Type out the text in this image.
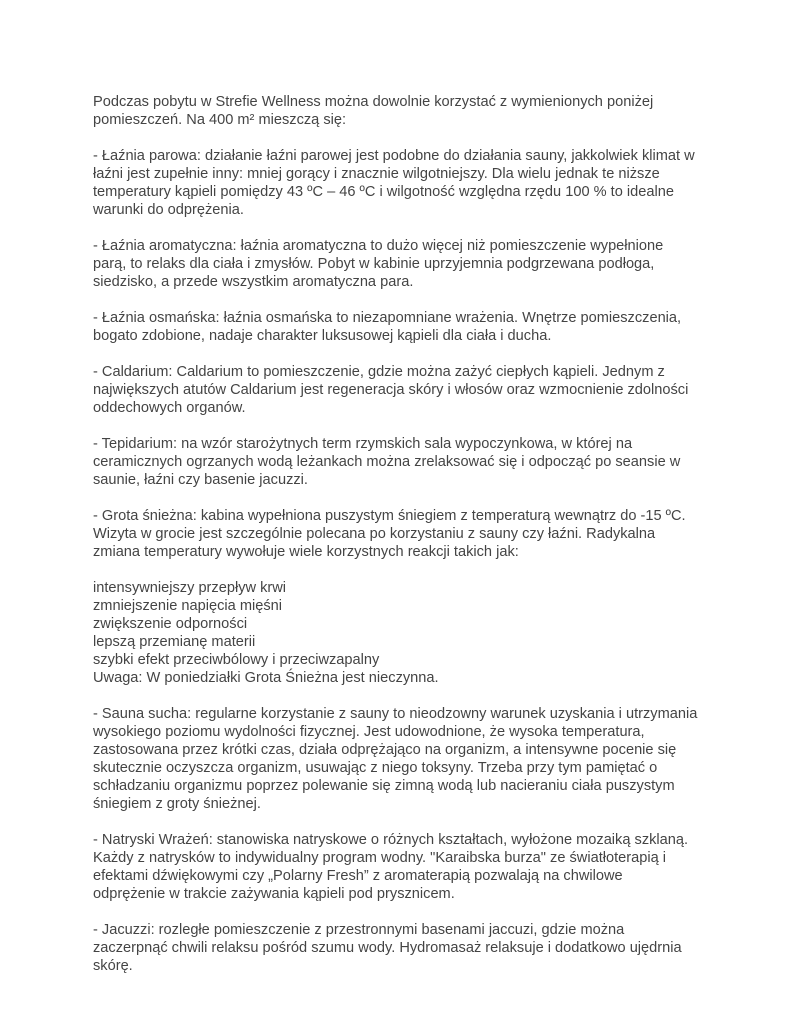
Podczas pobytu w Strefie Wellness można dowolnie korzystać z wymienionych poniżej pomieszczeń. Na 400 m² mieszczą się:

- Łaźnia parowa: działanie łaźni parowej jest podobne do działania sauny, jakkolwiek klimat w łaźni jest zupełnie inny: mniej gorący i znacznie wilgotniejszy. Dla wielu jednak te niższe temperatury kąpieli pomiędzy 43 ºC – 46 ºC i wilgotność względna rzędu 100 % to idealne warunki do odprężenia.

- Łaźnia aromatyczna: łaźnia aromatyczna to dużo więcej niż pomieszczenie wypełnione parą, to relaks dla ciała i zmysłów. Pobyt w kabinie uprzyjemnia podgrzewana podłoga, siedzisko, a przede wszystkim aromatyczna para.

- Łaźnia osmańska: łaźnia osmańska to niezapomniane wrażenia. Wnętrze pomieszczenia, bogato zdobione, nadaje charakter luksusowej kąpieli dla ciała i ducha.

- Caldarium: Caldarium to pomieszczenie, gdzie można zażyć ciepłych kąpieli. Jednym z największych atutów Caldarium jest regeneracja skóry i włosów oraz wzmocnienie zdolności oddechowych organów.

- Tepidarium: na wzór starożytnych term rzymskich sala wypoczynkowa, w której na ceramicznych ogrzanych wodą leżankach można zrelaksować się i odpocząć po seansie w saunie, łaźni czy basenie jacuzzi.

- Grota śnieżna: kabina wypełniona puszystym śniegiem z temperaturą wewnątrz do -15 ºC. Wizyta w grocie jest szczególnie polecana po korzystaniu z sauny czy łaźni. Radykalna zmiana temperatury wywołuje wiele korzystnych reakcji takich jak:

intensywniejszy przepływ krwi
zmniejszenie napięcia mięśni
zwiększenie odporności
lepszą przemianę materii
szybki efekt przeciwbólowy i przeciwzapalny
Uwaga: W poniedziałki Grota Śnieżna jest nieczynna.

- Sauna sucha: regularne korzystanie z sauny to nieodzowny warunek uzyskania i utrzymania wysokiego poziomu wydolności fizycznej. Jest udowodnione, że wysoka temperatura, zastosowana przez krótki czas, działa odprężająco na organizm, a intensywne pocenie się skutecznie oczyszcza organizm, usuwając z niego toksyny. Trzeba przy tym pamiętać o schładzaniu organizmu poprzez polewanie się zimną wodą lub nacieraniu ciała puszystym śniegiem z groty śnieżnej.

- Natryski Wrażeń: stanowiska natryskowe o różnych kształtach, wyłożone mozaiką szklaną. Każdy z natrysków to indywidualny program wodny. "Karaibska burza" ze światłoterapią i efektami dźwiękowymi czy „Polarny Fresh” z aromaterapią pozwalają na chwilowe odprężenie w trakcie zażywania kąpieli pod prysznicem.

- Jacuzzi: rozległe pomieszczenie z przestronnymi basenami jaccuzi, gdzie można zaczerpnąć chwili relaksu pośród szumu wody. Hydromasaż relaksuje i dodatkowo ujędrnia skórę.
